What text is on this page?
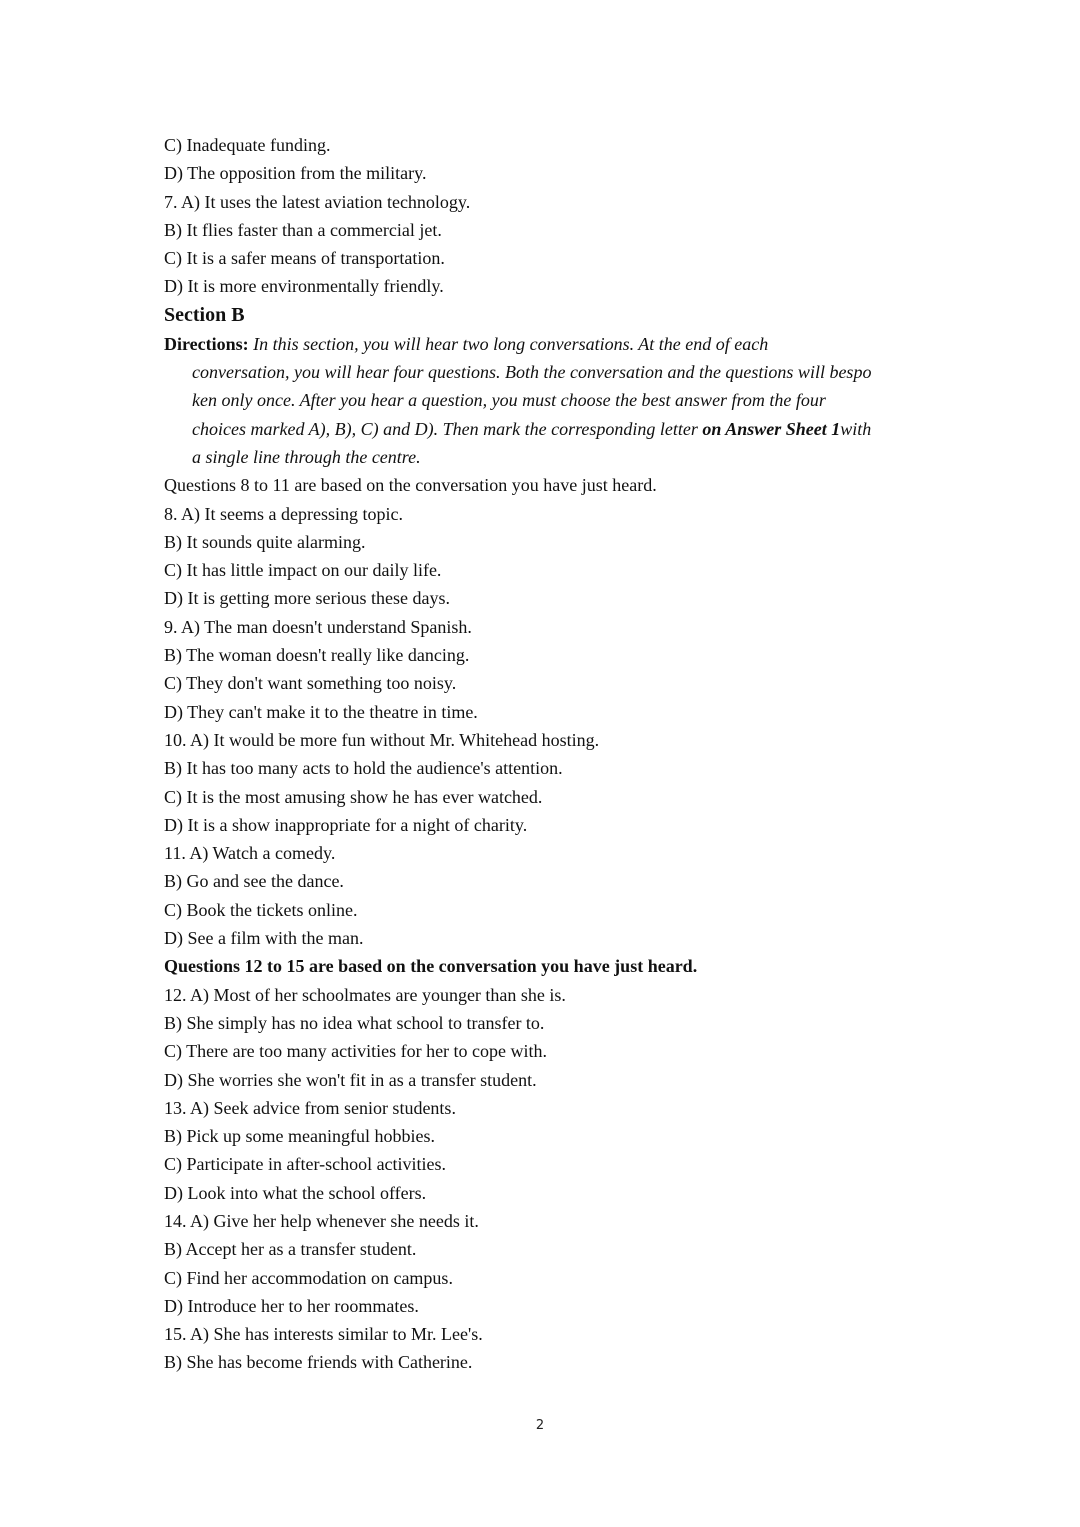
C) Inadequate funding.
D) The opposition from the military.
7. A) It uses the latest aviation technology.
B) It flies faster than a commercial jet.
C) It is a safer means of transportation.
D) It is more environmentally friendly.
Section B
Directions: In this section, you will hear two long conversations. At the end of each
conversation, you will hear four questions. Both the conversation and the questions will bespo
ken only once. After you hear a question, you must choose the best answer from the four
choices marked A), B), C) and D). Then mark the corresponding letter on Answer Sheet 1with
a single line through the centre.
Questions 8 to 11 are based on the conversation you have just heard.
8. A) It seems a depressing topic.
B) It sounds quite alarming.
C) It has little impact on our daily life.
D) It is getting more serious these days.
9. A) The man doesn't understand Spanish.
B) The woman doesn't really like dancing.
C) They don't want something too noisy.
D) They can't make it to the theatre in time.
10. A) It would be more fun without Mr. Whitehead hosting.
B) It has too many acts to hold the audience's attention.
C) It is the most amusing show he has ever watched.
D) It is a show inappropriate for a night of charity.
11. A) Watch a comedy.
B) Go and see the dance.
C) Book the tickets online.
D) See a film with the man.
Questions 12 to 15 are based on the conversation you have just heard.
12. A) Most of her schoolmates are younger than she is.
B) She simply has no idea what school to transfer to.
C) There are too many activities for her to cope with.
D) She worries she won't fit in as a transfer student.
13. A) Seek advice from senior students.
B) Pick up some meaningful hobbies.
C) Participate in after-school activities.
D) Look into what the school offers.
14. A) Give her help whenever she needs it.
B) Accept her as a transfer student.
C) Find her accommodation on campus.
D) Introduce her to her roommates.
15. A) She has interests similar to Mr. Lee's.
B) She has become friends with Catherine.
2
